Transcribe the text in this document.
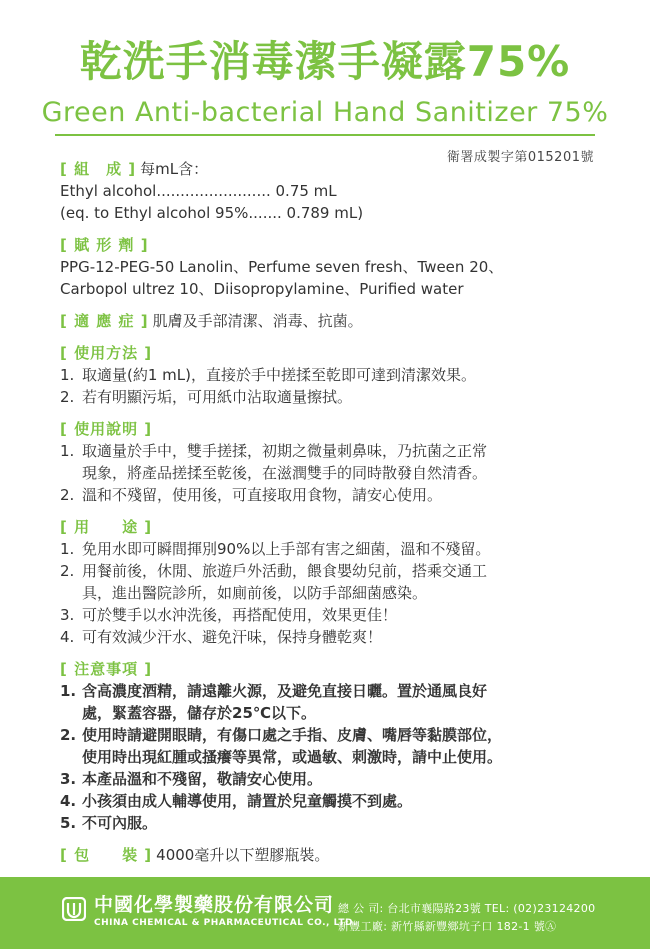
乾洗手消毒潔手凝露75%
Green Anti-bacterial Hand Sanitizer 75%
衛署成製字第015201號
[ 組　成 ] 每mL含：
Ethyl alcohol........................ 0.75 mL
(eq. to Ethyl alcohol 95%....... 0.789 mL)
[ 賦 形 劑 ]
PPG-12-PEG-50 Lanolin、Perfume seven fresh、Tween 20、
Carbopol ultrez 10、Diisopropylamine、Purified water
[ 適 應 症 ] 肌膚及手部清潔、消毒、抗菌。
[ 使用方法 ]
1. 取適量(約1 mL)，直接於手中搓揉至乾即可達到清潔效果。
2. 若有明顯污垢，可用紙巾沾取適量擦拭。
[ 使用說明 ]
1. 取適量於手中，雙手搓揉，初期之微量刺鼻味，乃抗菌之正常
現象，將產品搓揉至乾後，在滋潤雙手的同時散發自然清香。
2. 溫和不殘留，使用後，可直接取用食物，請安心使用。
[ 用　　途 ]
1. 免用水即可瞬間揮別90%以上手部有害之細菌，溫和不殘留。
2. 用餐前後，休閒、旅遊戶外活動，餵食嬰幼兒前，搭乘交通工
具，進出醫院診所，如廁前後，以防手部細菌感染。
3. 可於雙手以水沖洗後，再搭配使用，效果更佳！
4. 可有效減少汗水、避免汗味，保持身體乾爽！
[ 注意事項 ]
1. 含高濃度酒精，請遠離火源，及避免直接日曬。置於通風良好
處，緊蓋容器，儲存於25℃以下。
2. 使用時請避開眼睛，有傷口處之手指、皮膚、嘴唇等黏膜部位，
使用時出現紅腫或搔癢等異常，或過敏、刺激時，請中止使用。
3. 本產品溫和不殘留，敬請安心使用。
4. 小孩須由成人輔導使用，請置於兒童觸摸不到處。
5. 不可內服。
[ 包　　裝 ] 4000毫升以下塑膠瓶裝。
中國化學製藥股份有限公司
CHINA CHEMICAL & PHARMACEUTICAL CO., LTD.
總 公 司: 台北市襄陽路23號 TEL: (02)23124200
新豐工廠: 新竹縣新豐鄉坑子口 182-1 號Ⓐ
